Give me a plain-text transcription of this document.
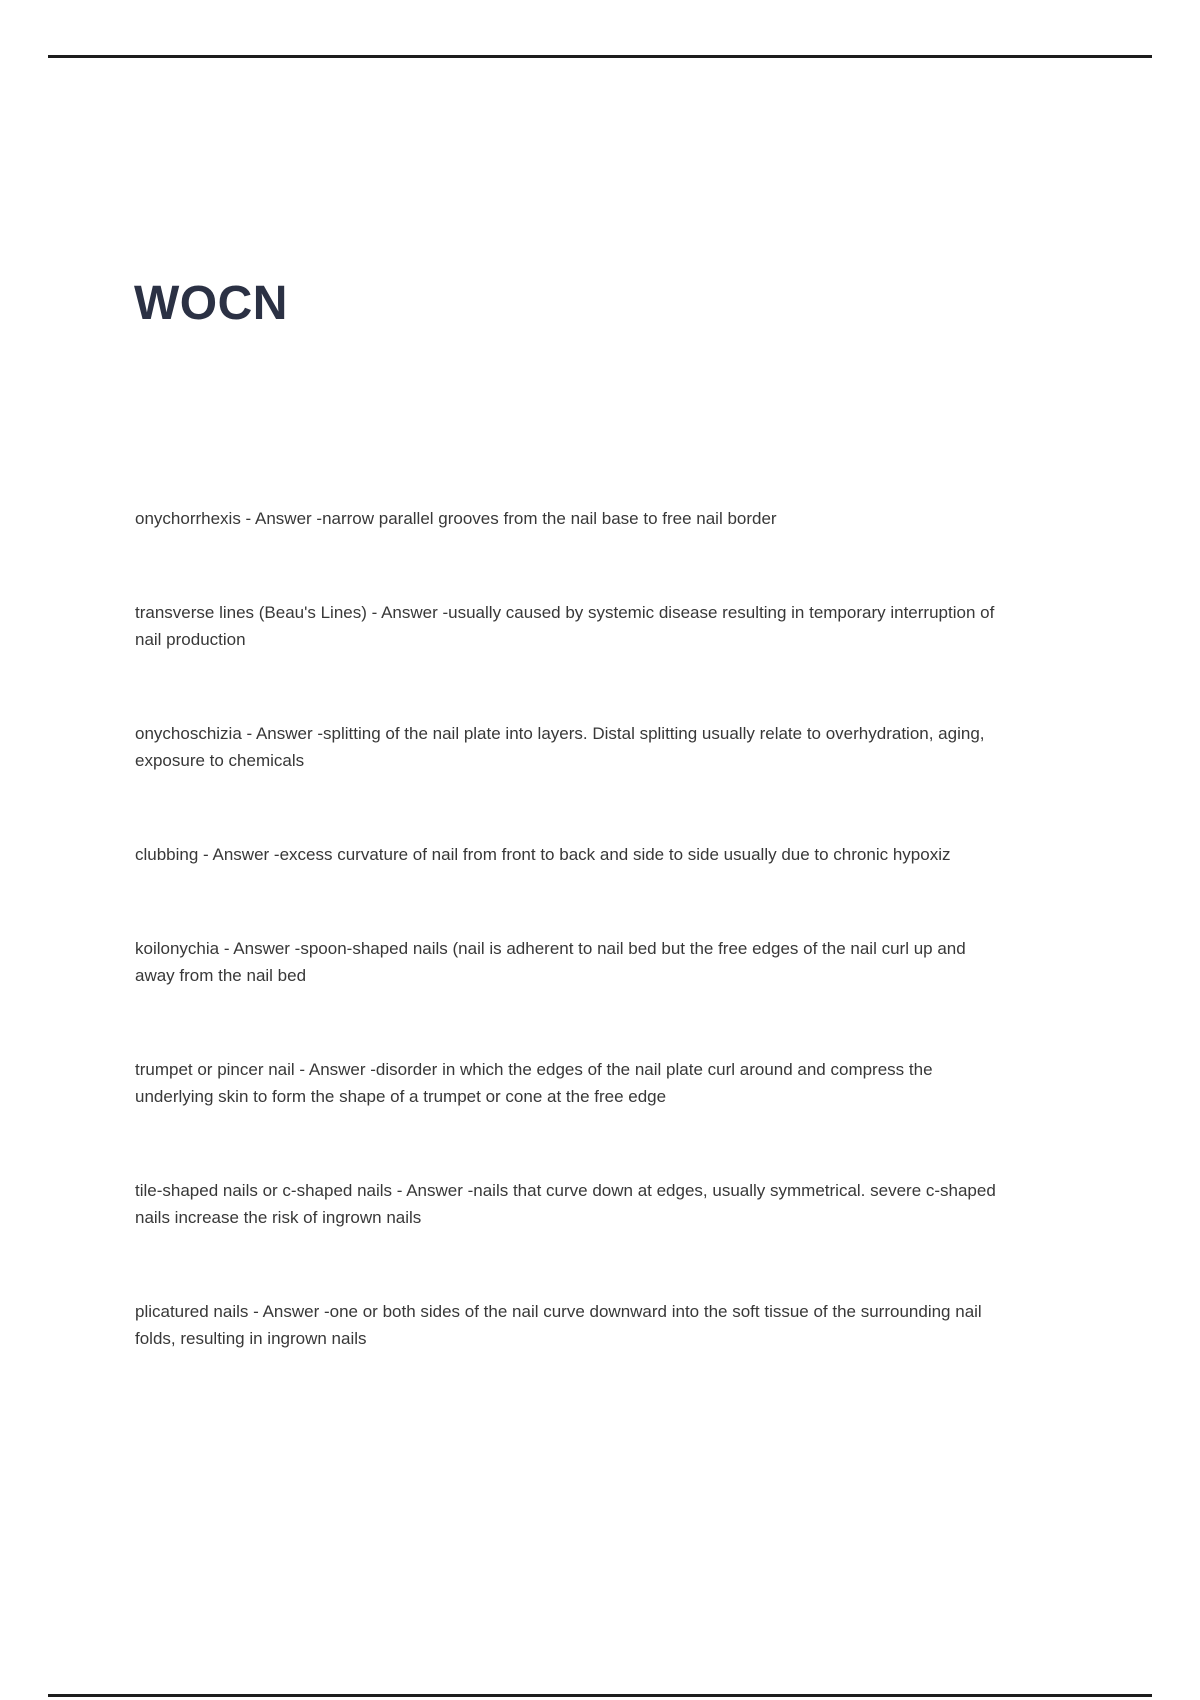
WOCN

onychorrhexis - Answer -narrow parallel grooves from the nail base to free nail border

transverse lines (Beau's Lines) - Answer -usually caused by systemic disease resulting in temporary interruption of nail production

onychoschizia - Answer -splitting of the nail plate into layers. Distal splitting usually relate to overhydration, aging, exposure to chemicals

clubbing - Answer -excess curvature of nail from front to back and side to side usually due to chronic hypoxiz

koilonychia - Answer -spoon-shaped nails (nail is adherent to nail bed but the free edges of the nail curl up and away from the nail bed

trumpet or pincer nail - Answer -disorder in which the edges of the nail plate curl around and compress the underlying skin to form the shape of a trumpet or cone at the free edge

tile-shaped nails or c-shaped nails - Answer -nails that curve down at edges, usually symmetrical. severe c-shaped nails increase the risk of ingrown nails

plicatured nails - Answer -one or both sides of the nail curve downward into the soft tissue of the surrounding nail folds, resulting in ingrown nails
